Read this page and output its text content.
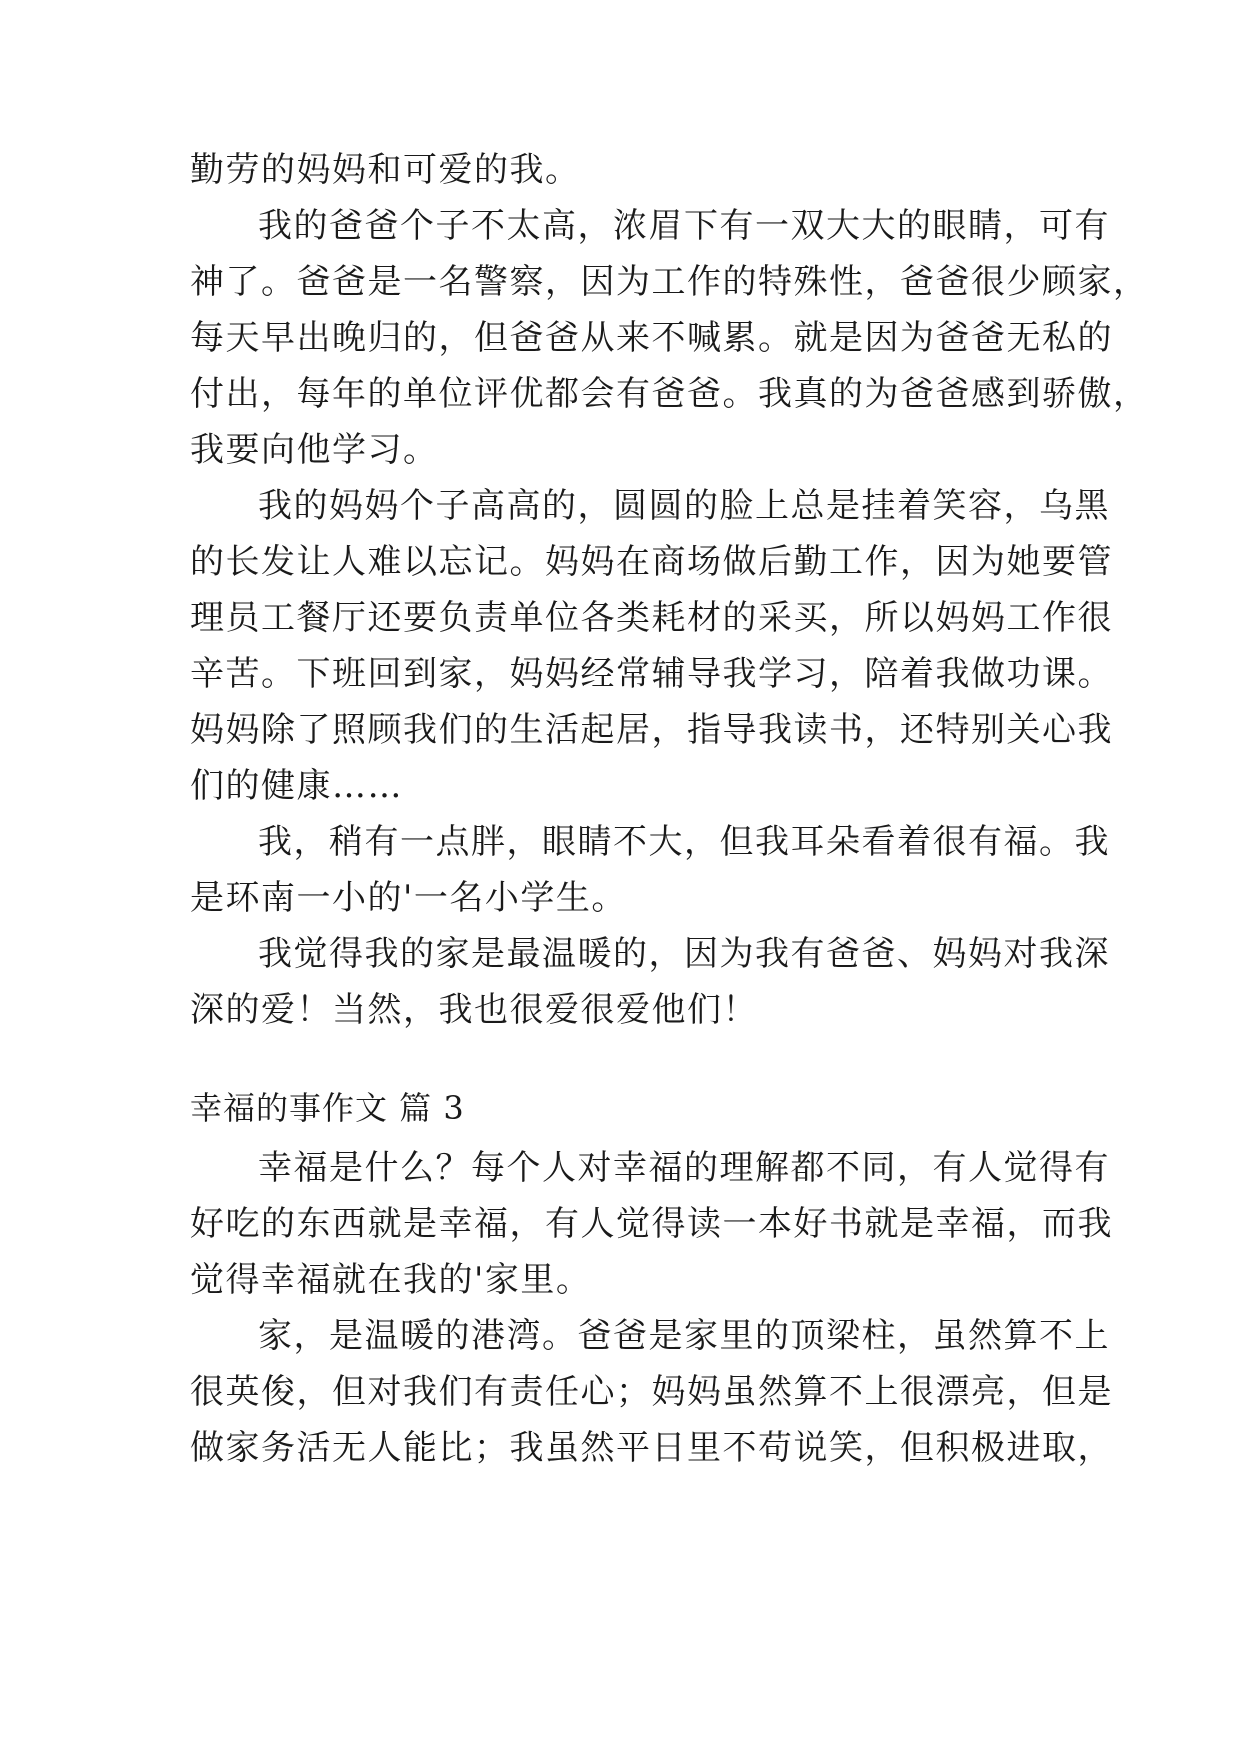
勤劳的妈妈和可爱的我。
我的爸爸个子不太高，浓眉下有一双大大的眼睛，可有
神了。爸爸是一名警察，因为工作的特殊性，爸爸很少顾家，
每天早出晚归的，但爸爸从来不喊累。就是因为爸爸无私的
付出，每年的单位评优都会有爸爸。我真的为爸爸感到骄傲，
我要向他学习。
我的妈妈个子高高的，圆圆的脸上总是挂着笑容，乌黑
的长发让人难以忘记。妈妈在商场做后勤工作，因为她要管
理员工餐厅还要负责单位各类耗材的采买，所以妈妈工作很
辛苦。下班回到家，妈妈经常辅导我学习，陪着我做功课。
妈妈除了照顾我们的生活起居，指导我读书，还特别关心我
们的健康……
我，稍有一点胖，眼睛不大，但我耳朵看着很有福。我
是环南一小的'一名小学生。
我觉得我的家是最温暖的，因为我有爸爸、妈妈对我深
深的爱！当然，我也很爱很爱他们！
幸福的事作文 篇 3
幸福是什么？每个人对幸福的理解都不同，有人觉得有
好吃的东西就是幸福，有人觉得读一本好书就是幸福，而我
觉得幸福就在我的'家里。
家，是温暖的港湾。爸爸是家里的顶梁柱，虽然算不上
很英俊，但对我们有责任心；妈妈虽然算不上很漂亮，但是
做家务活无人能比；我虽然平日里不苟说笑，但积极进取，
